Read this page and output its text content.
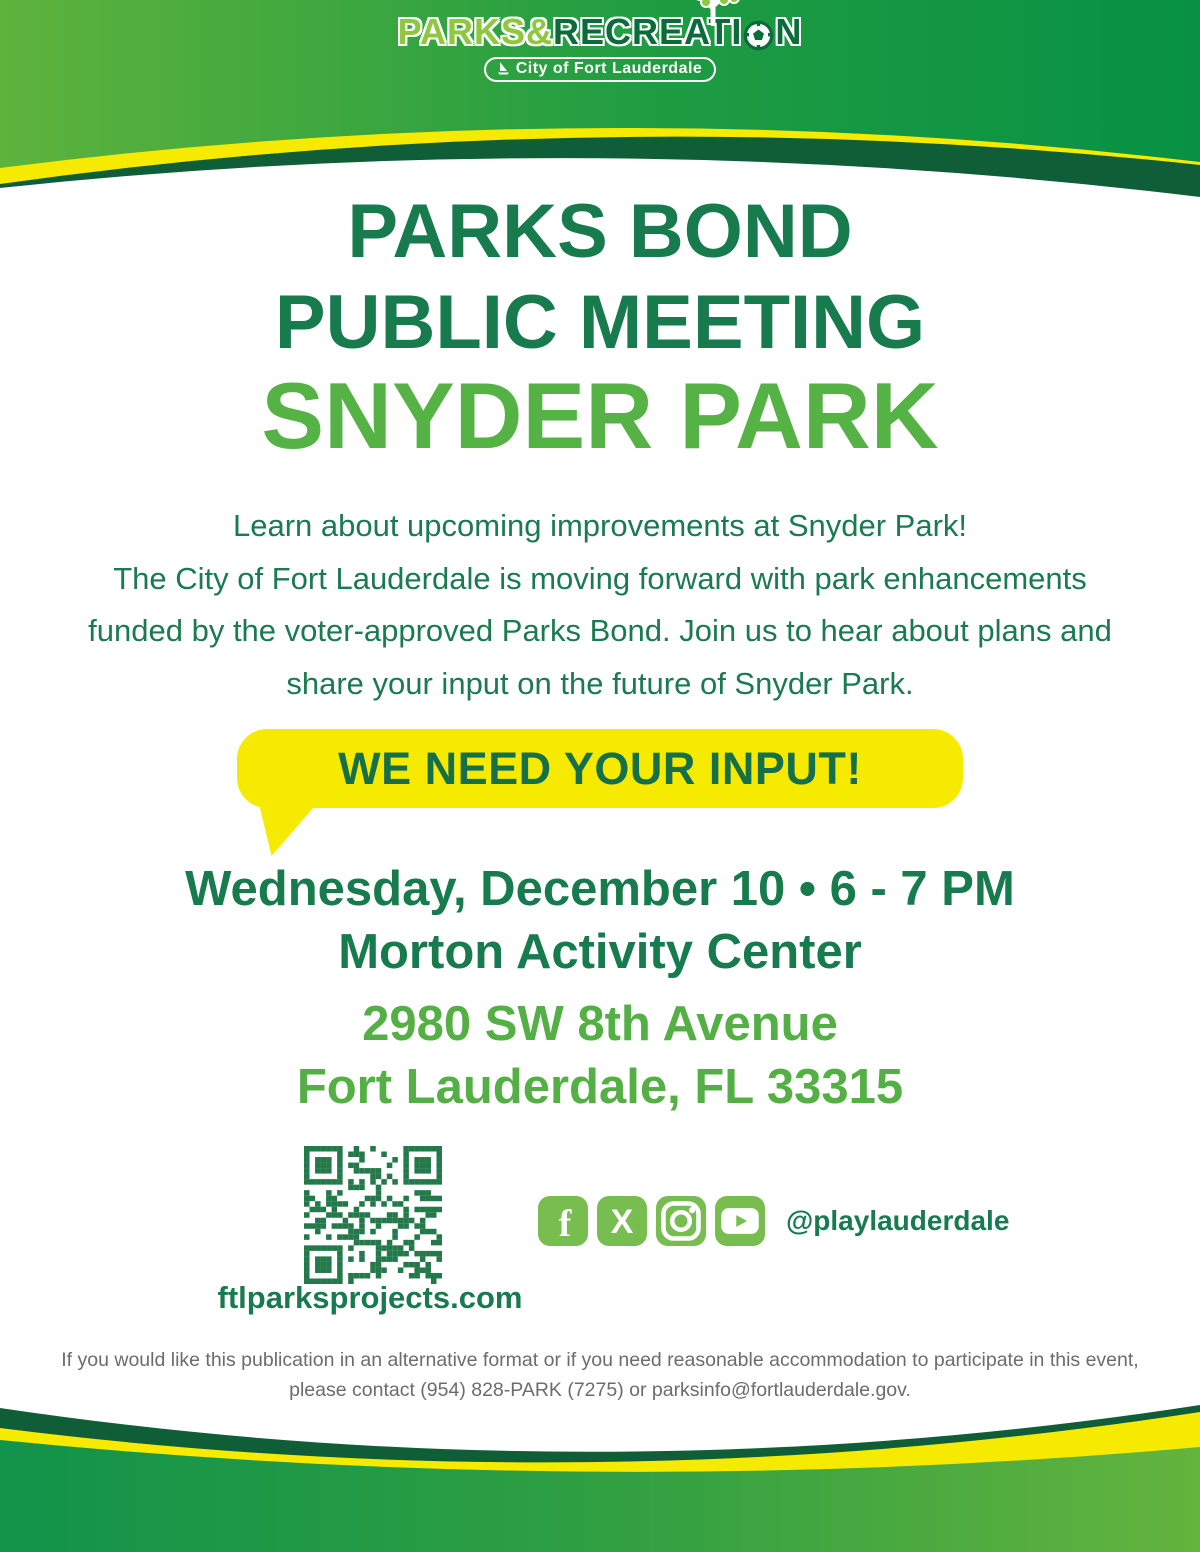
PARKS& RECREATI N

City of Fort Lauderdale
PARKS BOND
PUBLIC MEETING
SNYDER PARK
Learn about upcoming improvements at Snyder Park!
The City of Fort Lauderdale is moving forward with park enhancements
funded by the voter-approved Parks Bond. Join us to hear about plans and
share your input on the future of Snyder Park.
WE NEED YOUR INPUT!
Wednesday, December 10 • 6 - 7 PM
Morton Activity Center
2980 SW 8th Avenue
Fort Lauderdale, FL 33315
ftlparksprojects.com
f X	@playlauderdale
If you would like this publication in an alternative format or if you need reasonable accommodation to participate in this event,
please contact (954) 828-PARK (7275) or parksinfo@fortlauderdale.gov.
